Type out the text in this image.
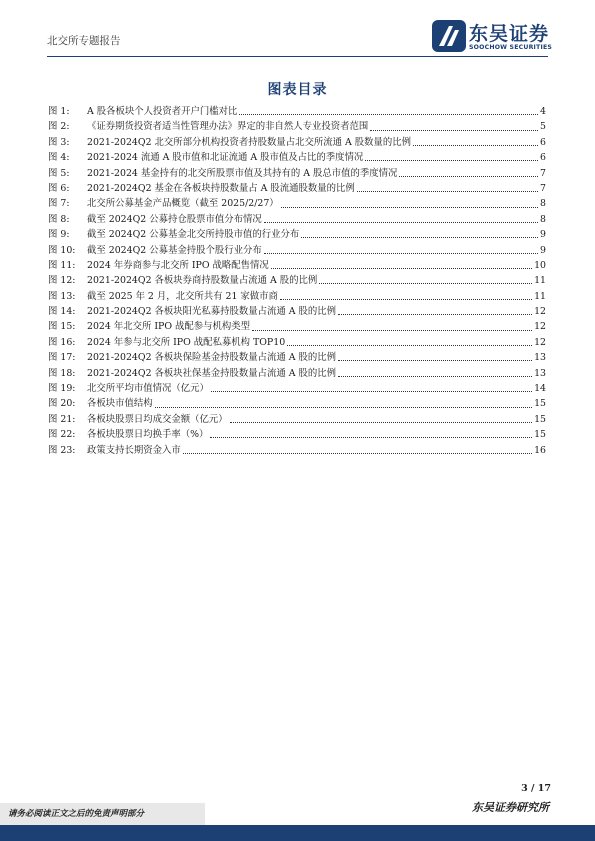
北交所专题报告	东吴证券
SOOCHOW SECURITIES
图表目录
图 1:	A 股各板块个人投资者开户门槛对比	4
图 2:	《证券期货投资者适当性管理办法》界定的非自然人专业投资者范围	5
图 3:	2021-2024Q2 北交所部分机构投资者持股数量占北交所流通 A 股数量的比例	6
图 4:	2021-2024 流通 A 股市值和北证流通 A 股市值及占比的季度情况	6
图 5:	2021-2024 基金持有的北交所股票市值及其持有的 A 股总市值的季度情况	7
图 6:	2021-2024Q2 基金在各板块持股数量占 A 股流通股数量的比例	7
图 7:	北交所公募基金产品概览（截至 2025/2/27）	8
图 8:	截至 2024Q2 公募持仓股票市值分布情况	8
图 9:	截至 2024Q2 公募基金北交所持股市值的行业分布	9
图 10:	截至 2024Q2 公募基金持股个股行业分布	9
图 11:	2024 年券商参与北交所 IPO 战略配售情况	10
图 12:	2021-2024Q2 各板块券商持股数量占流通 A 股的比例	11
图 13:	截至 2025 年 2 月，北交所共有 21 家做市商	11
图 14:	2021-2024Q2 各板块阳光私募持股数量占流通 A 股的比例	12
图 15:	2024 年北交所 IPO 战配参与机构类型	12
图 16:	2024 年参与北交所 IPO 战配私募机构 TOP10	12
图 17:	2021-2024Q2 各板块保险基金持股数量占流通 A 股的比例	13
图 18:	2021-2024Q2 各板块社保基金持股数量占流通 A 股的比例	13
图 19:	北交所平均市值情况（亿元）	14
图 20:	各板块市值结构	15
图 21:	各板块股票日均成交金额（亿元）	15
图 22:	各板块股票日均换手率（%）	15
图 23:	政策支持长期资金入市	16
3 / 17
请务必阅读正文之后的免责声明部分	东吴证券研究所
